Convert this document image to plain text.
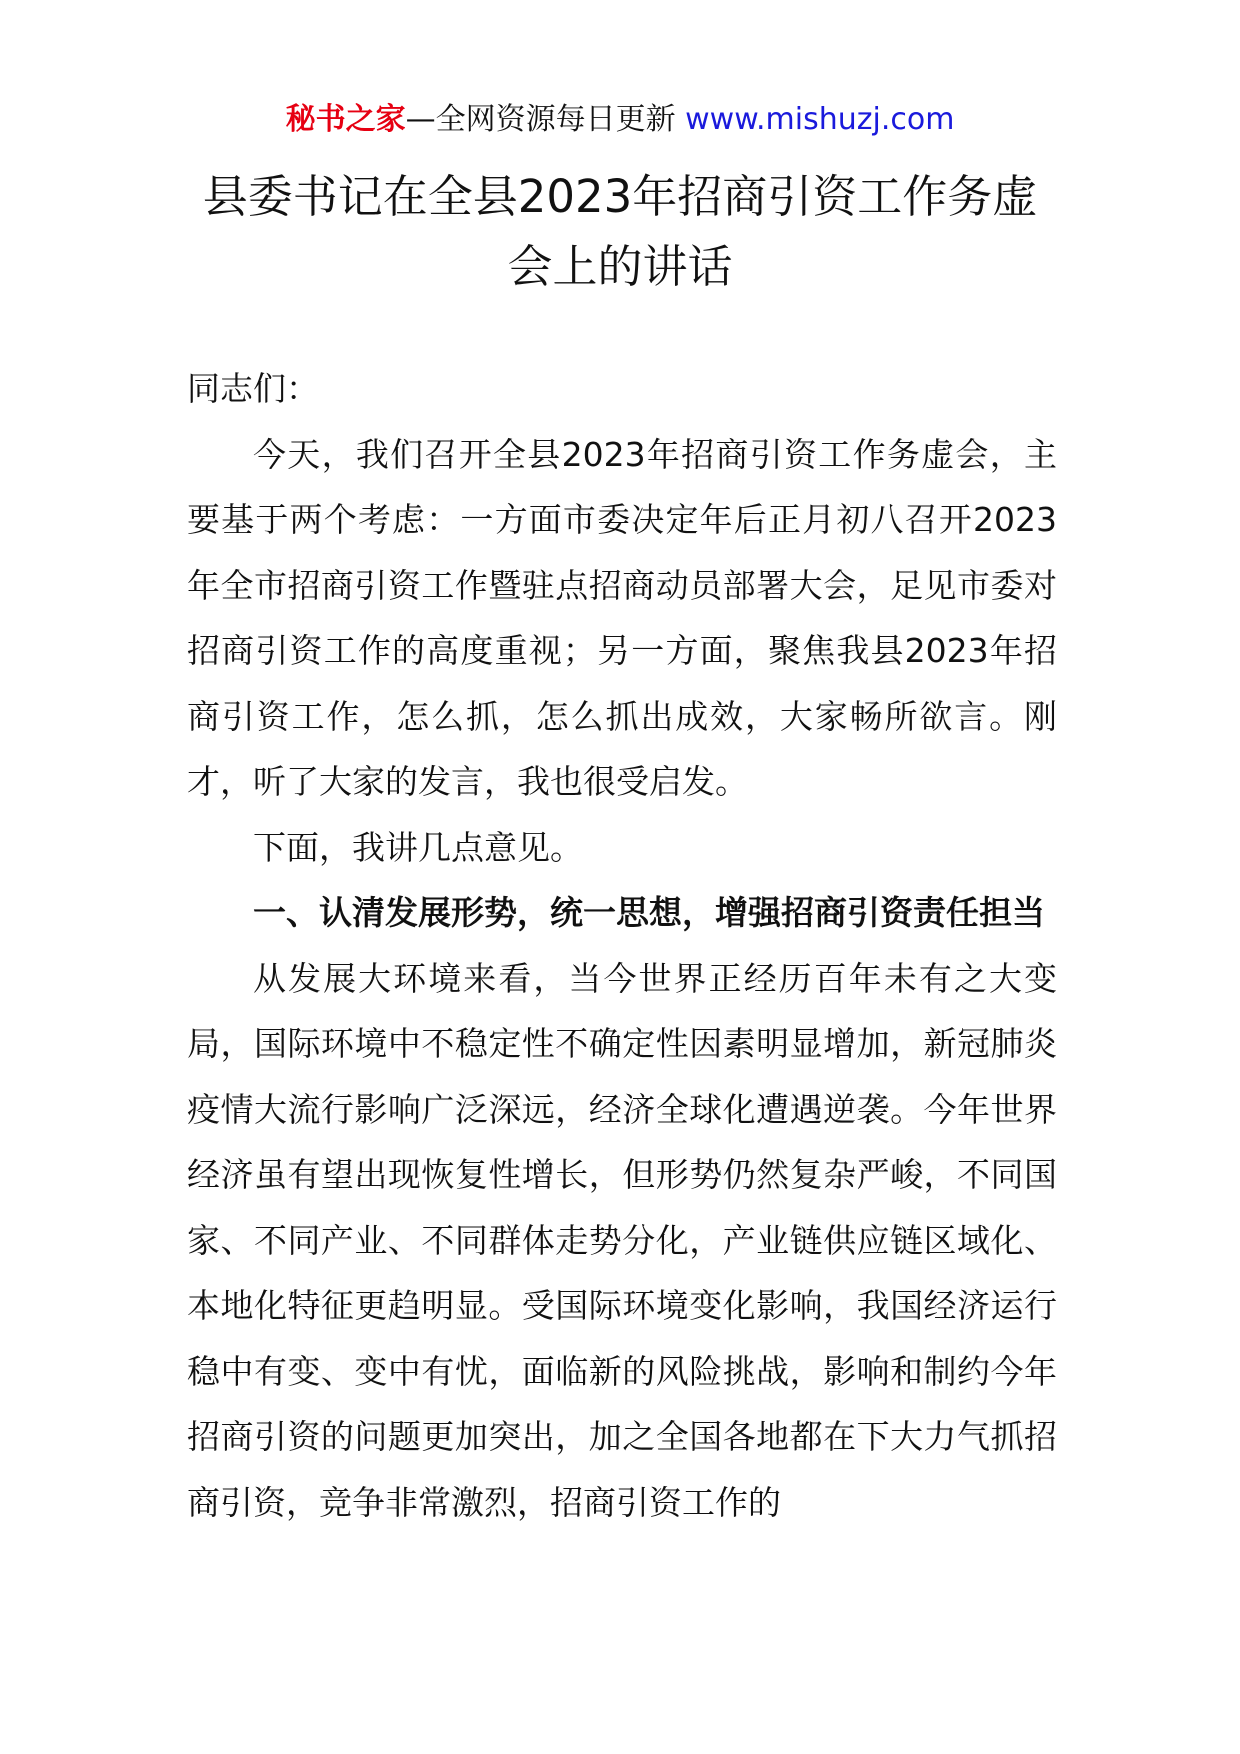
秘书之家—全网资源每日更新 www.mishuzj.com
县委书记在全县2023年招商引资工作务虚
会上的讲话

同志们：

今天，我们召开全县2023年招商引资工作务虚会，主要基于两个考虑：一方面市委决定年后正月初八召开2023年全市招商引资工作暨驻点招商动员部署大会，足见市委对招商引资工作的高度重视；另一方面，聚焦我县2023年招商引资工作，怎么抓，怎么抓出成效，大家畅所欲言。刚才，听了大家的发言，我也很受启发。

下面，我讲几点意见。

一、认清发展形势，统一思想，增强招商引资责任担当

从发展大环境来看，当今世界正经历百年未有之大变局，国际环境中不稳定性不确定性因素明显增加，新冠肺炎疫情大流行影响广泛深远，经济全球化遭遇逆袭。今年世界经济虽有望出现恢复性增长，但形势仍然复杂严峻，不同国家、不同产业、不同群体走势分化，产业链供应链区域化、本地化特征更趋明显。受国际环境变化影响，我国经济运行稳中有变、变中有忧，面临新的风险挑战，影响和制约今年招商引资的问题更加突出，加之全国各地都在下大力气抓招商引资，竞争非常激烈，招商引资工作的
